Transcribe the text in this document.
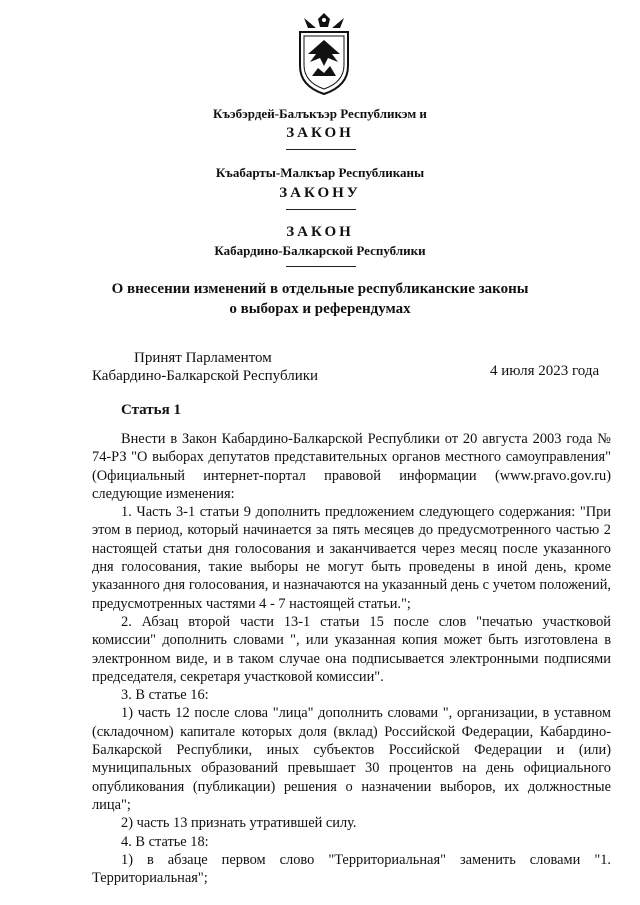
Къэбэрдей-Балъкъэр Республикэм и
ЗАКОН
Къабарты-Малкъар Республиканы
ЗАКОНУ
ЗАКОН
Кабардино-Балкарской Республики
О внесении изменений в отдельные республиканские законы
о выборах и референдумах
Принят Парламентом
Кабардино-Балкарской Республики	4 июля 2023 года
Статья 1

Внести в Закон Кабардино-Балкарской Республики от 20 августа 2003 года № 74-РЗ "О выборах депутатов представительных органов местного самоуправления" (Официальный интернет-портал правовой информации (www.pravo.gov.ru) следующие изменения:

1. Часть 3-1 статьи 9 дополнить предложением следующего содержания: "При этом в период, который начинается за пять месяцев до предусмотренного частью 2 настоящей статьи дня голосования и заканчивается через месяц после указанного дня голосования, такие выборы не могут быть проведены в иной день, кроме указанного дня голосования, и назначаются на указанный день с учетом положений, предусмотренных частями 4 - 7 настоящей статьи.";

2. Абзац второй части 13-1 статьи 15 после слов "печатью участковой комиссии" дополнить словами ", или указанная копия может быть изготовлена в электронном виде, и в таком случае она подписывается электронными подписями председателя, секретаря участковой комиссии".

3. В статье 16:

1) часть 12 после слова "лица" дополнить словами ", организации, в уставном (складочном) капитале которых доля (вклад) Российской Федерации, Кабардино-Балкарской Республики, иных субъектов Российской Федерации и (или) муниципальных образований превышает 30 процентов на день официального опубликования (публикации) решения о назначении выборов, их должностные лица";

2) часть 13 признать утратившей силу.

4. В статье 18:

1) в абзаце первом слово "Территориальная" заменить словами "1. Территориальная";
